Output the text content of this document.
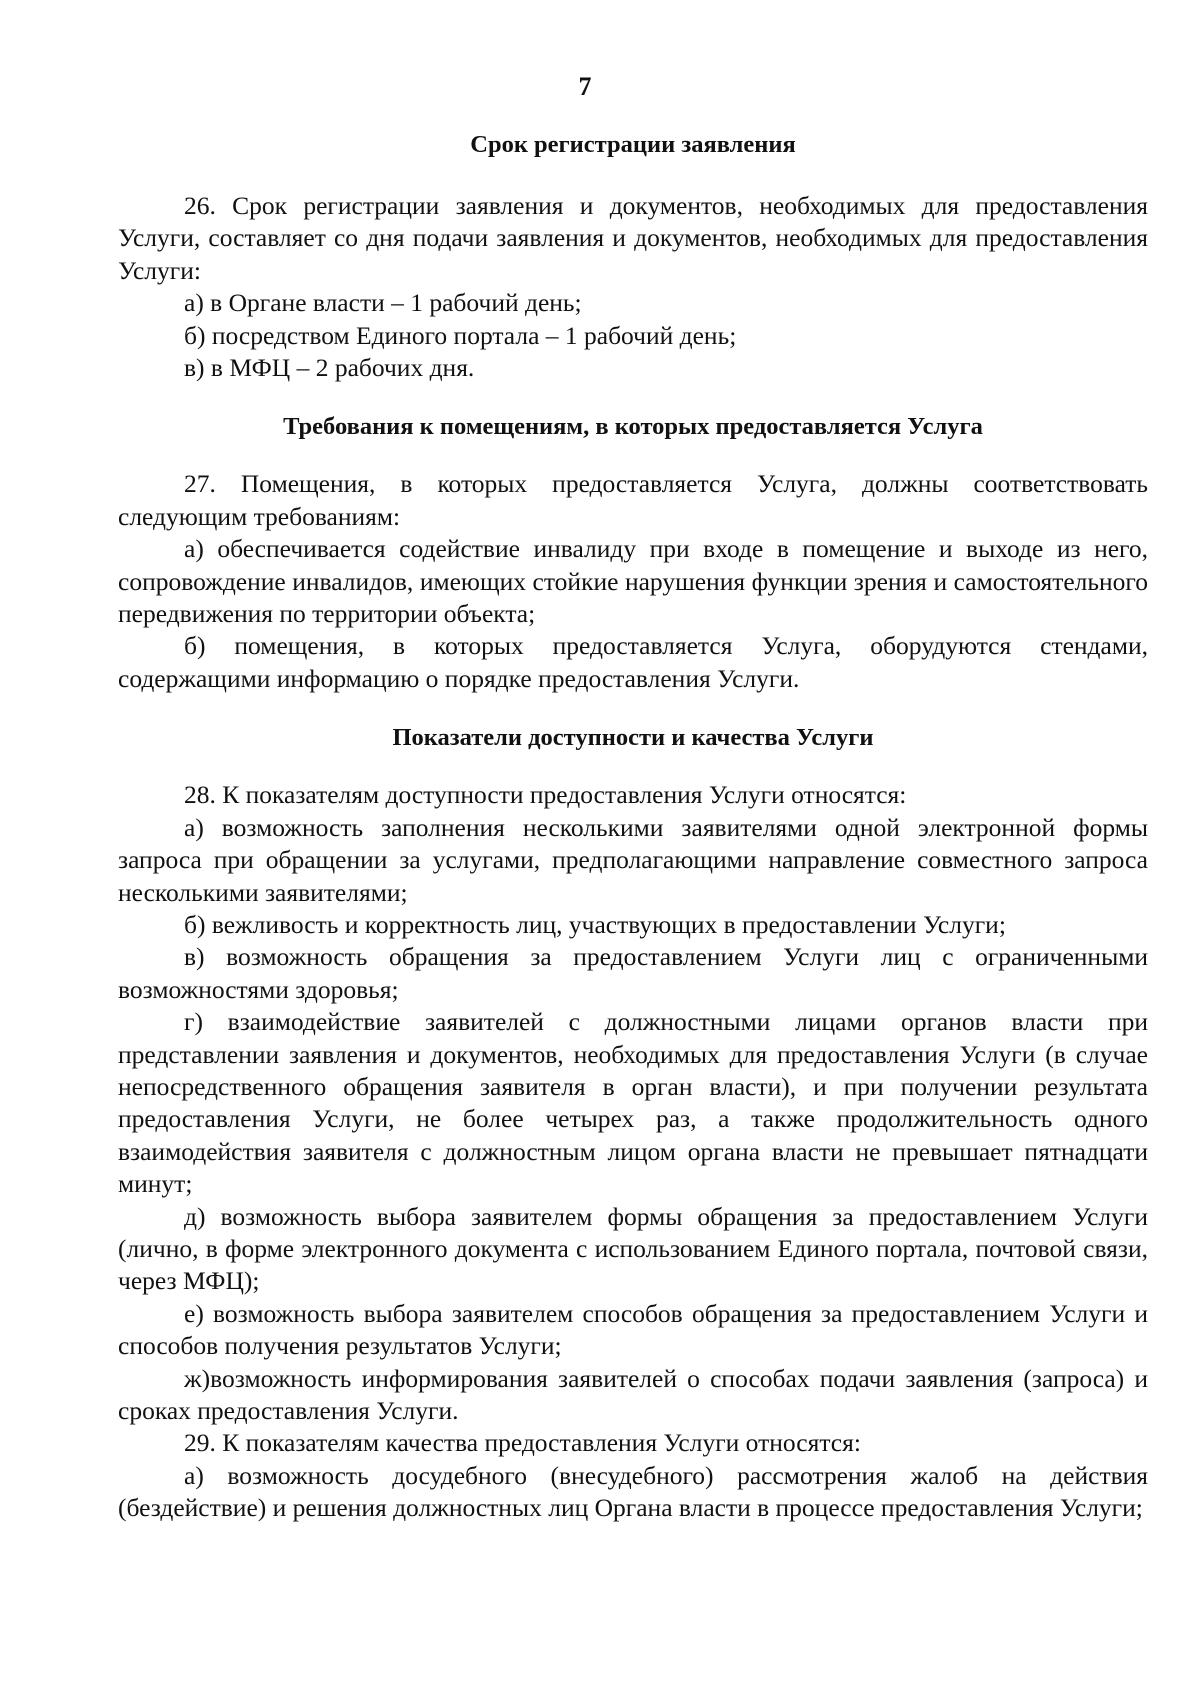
7
Срок регистрации заявления

26. Срок регистрации заявления и документов, необходимых для предоставления Услуги, составляет со дня подачи заявления и документов, необходимых для предоставления Услуги:

а) в Органе власти – 1 рабочий день;

б) посредством Единого портала – 1 рабочий день;

в) в МФЦ – 2 рабочих дня.

Требования к помещениям, в которых предоставляется Услуга

27. Помещения, в которых предоставляется Услуга, должны соответствовать следующим требованиям:

а) обеспечивается содействие инвалиду при входе в помещение и выходе из него, сопровождение инвалидов, имеющих стойкие нарушения функции зрения и самостоятельного передвижения по территории объекта;

б) помещения, в которых предоставляется Услуга, оборудуются стендами, содержащими информацию о порядке предоставления Услуги.

Показатели доступности и качества Услуги

28. К показателям доступности предоставления Услуги относятся:

а) возможность заполнения несколькими заявителями одной электронной формы запроса при обращении за услугами, предполагающими направление совместного запроса несколькими заявителями;

б) вежливость и корректность лиц, участвующих в предоставлении Услуги;

в) возможность обращения за предоставлением Услуги лиц с ограниченными возможностями здоровья;

г) взаимодействие заявителей с должностными лицами органов власти при представлении заявления и документов, необходимых для предоставления Услуги (в случае непосредственного обращения заявителя в орган власти), и при получении результата предоставления Услуги, не более четырех раз, а также продолжительность одного взаимодействия заявителя с должностным лицом органа власти не превышает пятнадцати минут;

д) возможность выбора заявителем формы обращения за предоставлением Услуги (лично, в форме электронного документа с использованием Единого портала, почтовой связи, через МФЦ);

е) возможность выбора заявителем способов обращения за предоставлением Услуги и способов получения результатов Услуги;

ж)возможность информирования заявителей о способах подачи заявления (запроса) и сроках предоставления Услуги.

29. К показателям качества предоставления Услуги относятся:

а) возможность досудебного (внесудебного) рассмотрения жалоб на действия (бездействие) и решения должностных лиц Органа власти в процессе предоставления Услуги;
